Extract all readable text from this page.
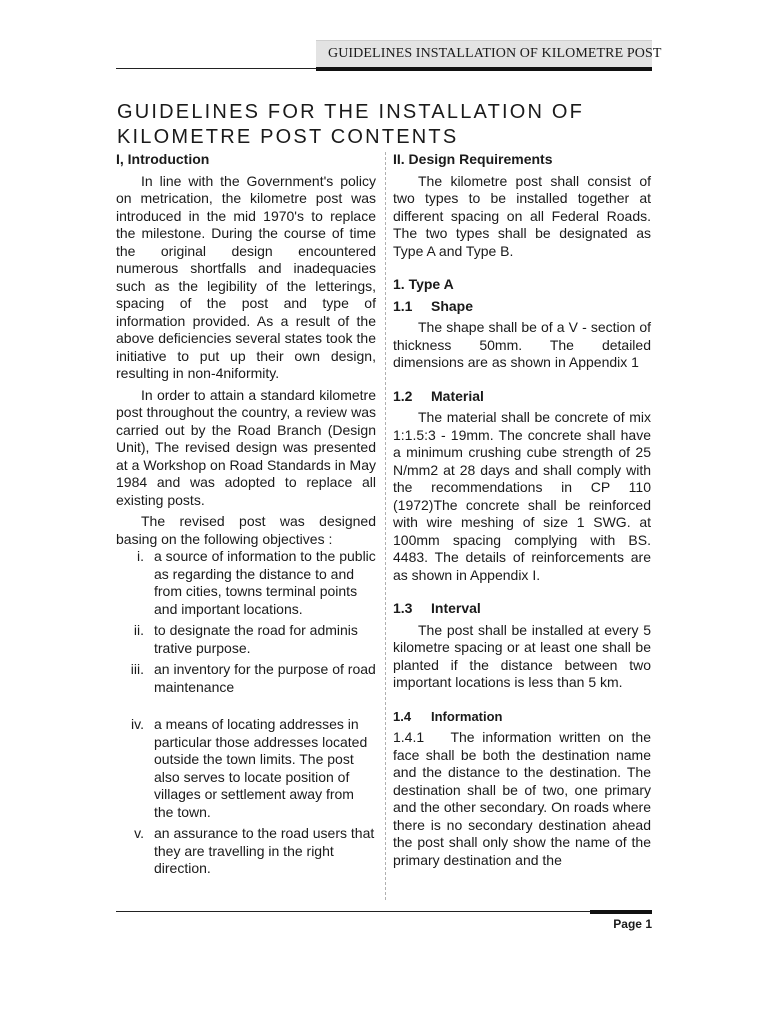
GUIDELINES INSTALLATION OF KILOMETRE POST
GUIDELINES FOR THE INSTALLATION OF
KILOMETRE POST CONTENTS
I, Introduction

In line with the Government's policy on metrication, the kilometre post was introduced in the mid 1970's to replace the milestone. During the course of time the original design encountered numerous shortfalls and inadequacies such as the legibility of the letterings, spacing of the post and type of information provided. As a result of the above deficiencies several states took the initiative to put up their own design, resulting in non-4niformity.

In order to attain a standard kilometre post throughout the country, a review was carried out by the Road Branch (Design Unit), The revised design was presented at a Workshop on Road Standards in May 1984 and was adopted to replace all existing posts.

The revised post was designed basing on the following objectives :

i. a source of information to the public as regarding the distance to and from cities, towns terminal points and important locations.
ii. to designate the road for adminis trative purpose.
iii. an inventory for the purpose of road maintenance
iv. a means of locating addresses in particular those addresses located outside the town limits. The post also serves to locate position of villages or settlement away from the town.
v. an assurance to the road users that they are travelling in the right direction.
II. Design Requirements

The kilometre post shall consist of two types to be installed together at different spacing on all Federal Roads. The two types shall be designated as Type A and Type B.

1. Type A
1.1 Shape

The shape shall be of a V - section of thickness 50mm. The detailed dimensions are as shown in Appendix 1

1.2 Material

The material shall be concrete of mix 1:1.5:3 - 19mm. The concrete shall have a minimum crushing cube strength of 25 N/mm2 at 28 days and shall comply with the recommendations in CP 110 (1972)The concrete shall be reinforced with wire meshing of size 1 SWG. at 100mm spacing complying with BS. 4483. The details of reinforcements are as shown in Appendix I.

1.3 Interval

The post shall be installed at every 5 kilometre spacing or at least one shall be planted if the distance between two important locations is less than 5 km.

1.4 Information

1.4.1 The information written on the face shall be both the destination name and the distance to the destination. The destination shall be of two, one primary and the other secondary. On roads where there is no secondary destination ahead the post shall only show the name of the primary destination and the

Page 1
